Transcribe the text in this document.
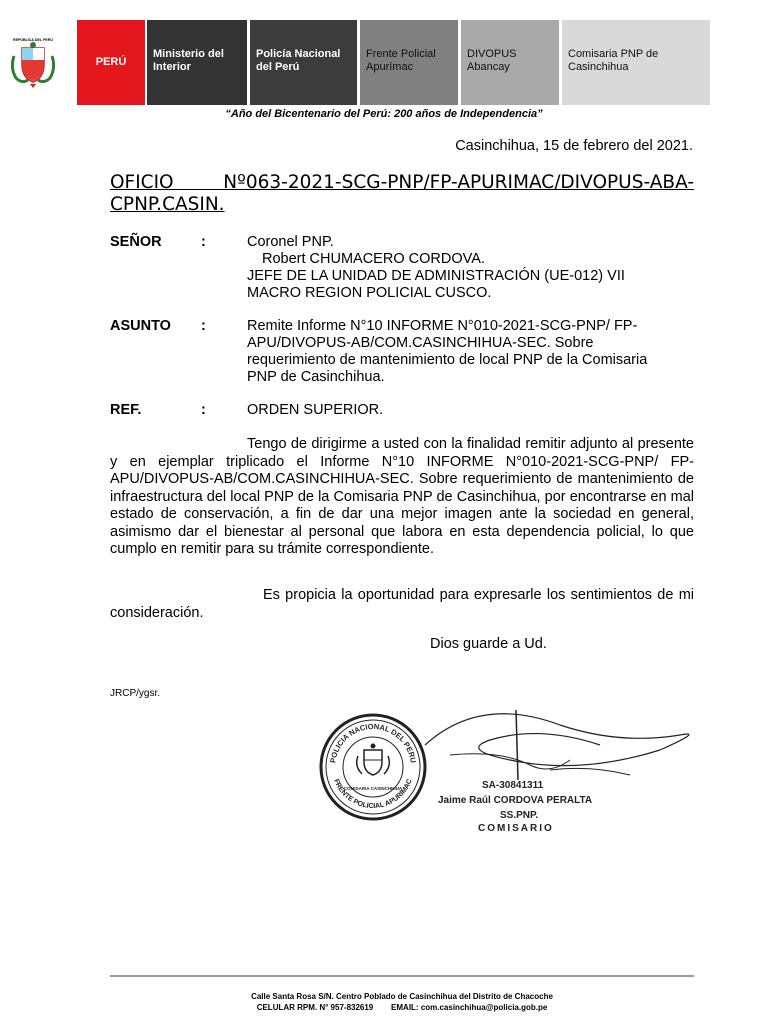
REPÚBLICA DEL PERÚ
PERÚ
Ministerio del Interior
Policía Nacional del Perú
Frente Policial Apurímac
DIVOPUS Abancay
Comisaria PNP de Casinchihua
“Año del Bicentenario del Perú: 200 años de Independencia”
Casinchihua, 15 de febrero del 2021.
OFICIO Nº063-2021-SCG-PNP/FP-APURIMAC/DIVOPUS-ABA-CPNP.CASIN.
SEÑOR	:	Coronel PNP.
Robert CHUMACERO CORDOVA.
JEFE DE LA UNIDAD DE ADMINISTRACIÓN (UE-012) VII MACRO REGION POLICIAL CUSCO.
ASUNTO :	Remite Informe N°10 INFORME N°010-2021-SCG-PNP/ FP-APU/DIVOPUS-AB/COM.CASINCHIHUA-SEC. Sobre requerimiento de mantenimiento de local PNP de la Comisaria PNP de Casinchihua.
REF.	:	ORDEN SUPERIOR.
Tengo de dirigirme a usted con la finalidad remitir adjunto al presente y en ejemplar triplicado el Informe N°10 INFORME N°010-2021-SCG-PNP/ FP-APU/DIVOPUS-AB/COM.CASINCHIHUA-SEC. Sobre requerimiento de mantenimiento de infraestructura del local PNP de la Comisaria PNP de Casinchihua, por encontrarse en mal estado de conservación, a fin de dar una mejor imagen ante la sociedad en general, asimismo dar el bienestar al personal que labora en esta dependencia policial, lo que cumplo en remitir para su trámite correspondiente.
Es propicia la oportunidad para expresarle los sentimientos de mi consideración.
Dios guarde a Ud.
JRCP/ygsr.
POLICIA NACIONAL DEL PERU
FRENTE POLICIAL APURIMAC
COMISARIA CASINCHIHUA	SA-30841311
Jaime Raúl CORDOVA PERALTA
SS.PNP.
COMISARIO
Calle Santa Rosa S/N. Centro Poblado de Casinchihua del Distrito de Chacoche
CELULAR RPM. N° 957-832619        EMAIL: com.casinchihua@policia.gob.pe
